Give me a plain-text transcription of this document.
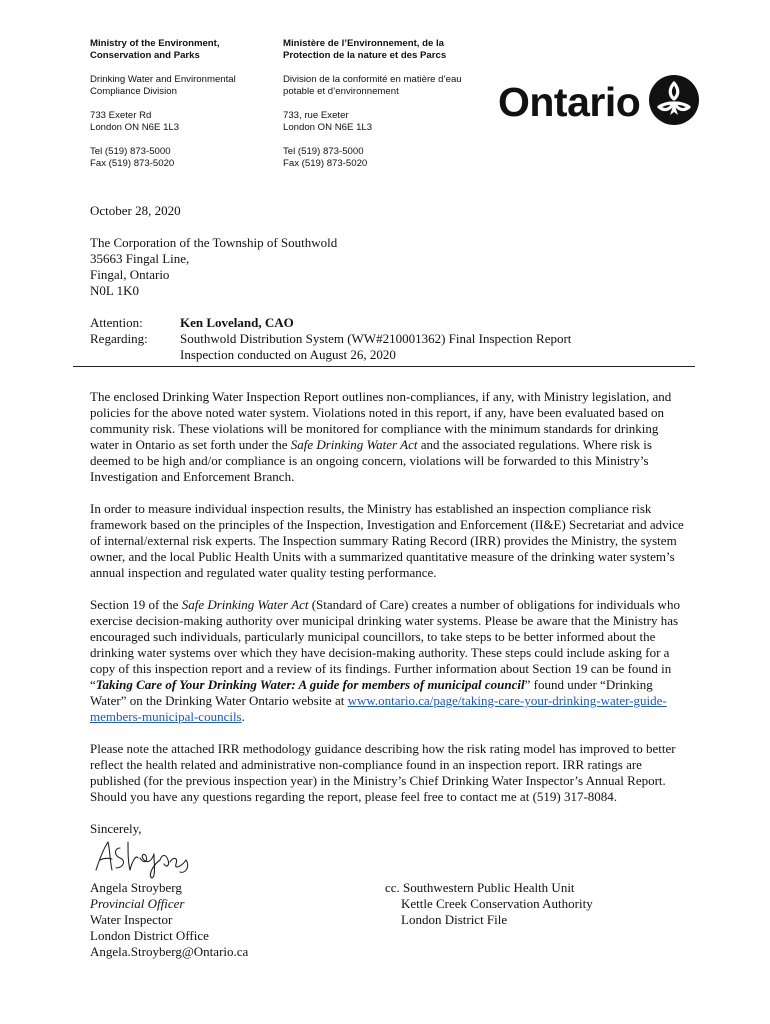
Ministry of the Environment,
Conservation and Parks

Drinking Water and Environmental
Compliance Division

733 Exeter Rd
London ON N6E 1L3

Tel (519) 873-5000
Fax (519) 873-5020

Ministère de l’Environnement, de la
Protection de la nature et des Parcs

Division de la conformité en matière d’eau
potable et d’environnement

733, rue Exeter
London ON N6E 1L3

Tel (519) 873-5000
Fax (519) 873-5020

Ontario
October 28, 2020
The Corporation of the Township of Southwold
35663 Fingal Line,
Fingal, Ontario
N0L 1K0
Attention:	Ken Loveland, CAO
Regarding:	Southwold Distribution System (WW#210001362) Final Inspection Report
Inspection conducted on August 26, 2020

The enclosed Drinking Water Inspection Report outlines non-compliances, if any, with Ministry legislation, and policies for the above noted water system. Violations noted in this report, if any, have been evaluated based on community risk. These violations will be monitored for compliance with the minimum standards for drinking water in Ontario as set forth under the Safe Drinking Water Act and the associated regulations. Where risk is deemed to be high and/or compliance is an ongoing concern, violations will be forwarded to this Ministry’s Investigation and Enforcement Branch.

In order to measure individual inspection results, the Ministry has established an inspection compliance risk framework based on the principles of the Inspection, Investigation and Enforcement (II&E) Secretariat and advice of internal/external risk experts. The Inspection summary Rating Record (IRR) provides the Ministry, the system owner, and the local Public Health Units with a summarized quantitative measure of the drinking water system’s annual inspection and regulated water quality testing performance.

Section 19 of the Safe Drinking Water Act (Standard of Care) creates a number of obligations for individuals who exercise decision-making authority over municipal drinking water systems. Please be aware that the Ministry has encouraged such individuals, particularly municipal councillors, to take steps to be better informed about the drinking water systems over which they have decision-making authority. These steps could include asking for a copy of this inspection report and a review of its findings. Further information about Section 19 can be found in “Taking Care of Your Drinking Water: A guide for members of municipal council” found under “Drinking Water” on the Drinking Water Ontario website at www.ontario.ca/page/taking-care-your-drinking-water-guide-members-municipal-councils.

Please note the attached IRR methodology guidance describing how the risk rating model has improved to better reflect the health related and administrative non-compliance found in an inspection report. IRR ratings are published (for the previous inspection year) in the Ministry’s Chief Drinking Water Inspector’s Annual Report. Should you have any questions regarding the report, please feel free to contact me at (519) 317-8084.

Sincerely,
Angela Stroyberg
Provincial Officer
Water Inspector
London District Office
Angela.Stroyberg@Ontario.ca
cc. Southwestern Public Health Unit
Kettle Creek Conservation Authority
London District File
